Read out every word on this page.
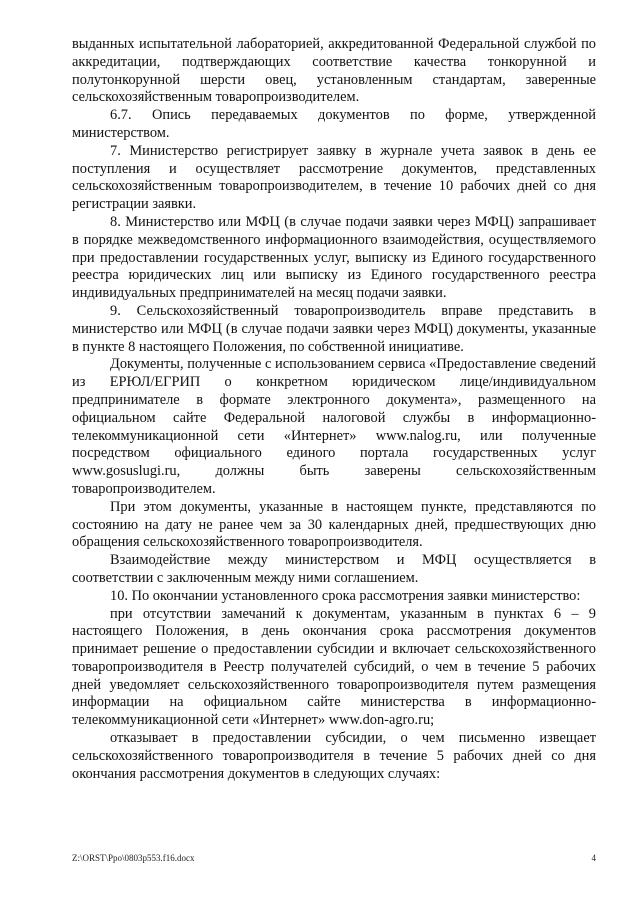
выданных испытательной лабораторией, аккредитованной Федеральной службой по аккредитации, подтверждающих соответствие качества тонкорунной и полутонкорунной шерсти овец, установленным стандартам, заверенные сельскохозяйственным товаропроизводителем.

6.7. Опись передаваемых документов по форме, утвержденной министерством.

7. Министерство регистрирует заявку в журнале учета заявок в день ее поступления и осуществляет рассмотрение документов, представленных сельскохозяйственным товаропроизводителем, в течение 10 рабочих дней со дня регистрации заявки.

8. Министерство или МФЦ (в случае подачи заявки через МФЦ) запрашивает в порядке межведомственного информационного взаимодействия, осуществляемого при предоставлении государственных услуг, выписку из Единого государственного реестра юридических лиц или выписку из Единого государственного реестра индивидуальных предпринимателей на месяц подачи заявки.

9. Сельскохозяйственный товаропроизводитель вправе представить в министерство или МФЦ (в случае подачи заявки через МФЦ) документы, указанные в пункте 8 настоящего Положения, по собственной инициативе.

Документы, полученные с использованием сервиса «Предоставление сведений из ЕРЮЛ/ЕГРИП о конкретном юридическом лице/индивидуальном предпринимателе в формате электронного документа», размещенного на официальном сайте Федеральной налоговой службы в информационно-телекоммуникационной сети «Интернет» www.nalog.ru, или полученные посредством официального единого портала государственных услуг www.gosuslugi.ru, должны быть заверены сельскохозяйственным товаропроизводителем.

При этом документы, указанные в настоящем пункте, представляются по состоянию на дату не ранее чем за 30 календарных дней, предшествующих дню обращения сельскохозяйственного товаропроизводителя.

Взаимодействие между министерством и МФЦ осуществляется в соответствии с заключенным между ними соглашением.

10. По окончании установленного срока рассмотрения заявки министерство:

при отсутствии замечаний к документам, указанным в пунктах 6 – 9 настоящего Положения, в день окончания срока рассмотрения документов принимает решение о предоставлении субсидии и включает сельскохозяйственного товаропроизводителя в Реестр получателей субсидий, о чем в течение 5 рабочих дней уведомляет сельскохозяйственного товаропроизводителя путем размещения информации на официальном сайте министерства в информационно-телекоммуникационной сети «Интернет» www.don-agro.ru;

отказывает в предоставлении субсидии, о чем письменно извещает сельскохозяйственного товаропроизводителя в течение 5 рабочих дней со дня окончания рассмотрения документов в следующих случаях:

Z:\ORST\Ppo\0803p553.f16.docx	4
